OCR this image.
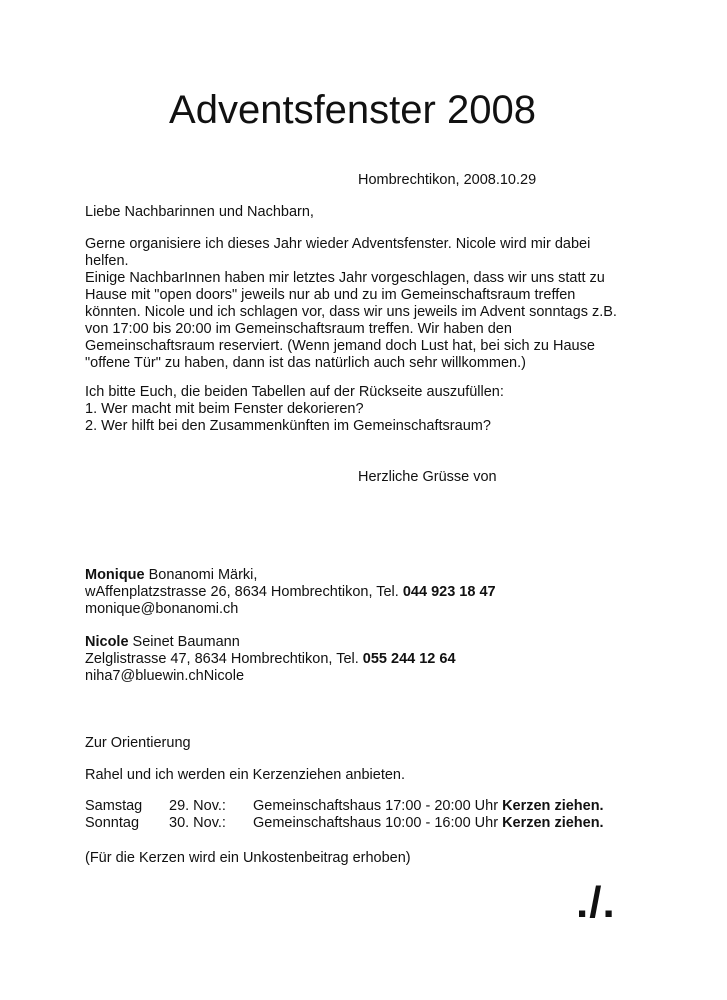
Adventsfenster 2008
Hombrechtikon, 2008.10.29
Liebe Nachbarinnen und Nachbarn,

Gerne organisiere ich dieses Jahr wieder Adventsfenster. Nicole wird mir dabei

helfen.

Einige NachbarInnen haben mir letztes Jahr vorgeschlagen, dass wir uns statt zu

Hause mit "open doors" jeweils nur ab und zu im Gemeinschaftsraum treffen

könnten. Nicole und ich schlagen vor, dass wir uns jeweils im Advent sonntags z.B.

von 17:00 bis 20:00 im Gemeinschaftsraum treffen. Wir haben den

Gemeinschaftsraum reserviert. (Wenn jemand doch Lust hat, bei sich zu Hause

"offene Tür" zu haben, dann ist das natürlich auch sehr willkommen.)

Ich bitte Euch, die beiden Tabellen auf der Rückseite auszufüllen:

1. Wer macht mit beim Fenster dekorieren?

2. Wer hilft bei den Zusammenkünften im Gemeinschaftsraum?

Herzliche Grüsse von

Monique Bonanomi Märki,

wAffenplatzstrasse 26, 8634 Hombrechtikon, Tel. 044 923 18 47

monique@bonanomi.ch

Nicole Seinet Baumann

Zelglistrasse 47, 8634 Hombrechtikon, Tel. 055 244 12 64

niha7@bluewin.chNicole

Zur Orientierung
Rahel und ich werden ein Kerzenziehen anbieten.
Samstag 29. Nov.: Gemeinschaftshaus 17:00 - 20:00 Uhr Kerzen ziehen.
Sonntag 30. Nov.: Gemeinschaftshaus 10:00 - 16:00 Uhr Kerzen ziehen.
(Für die Kerzen wird ein Unkostenbeitrag erhoben)
./.
